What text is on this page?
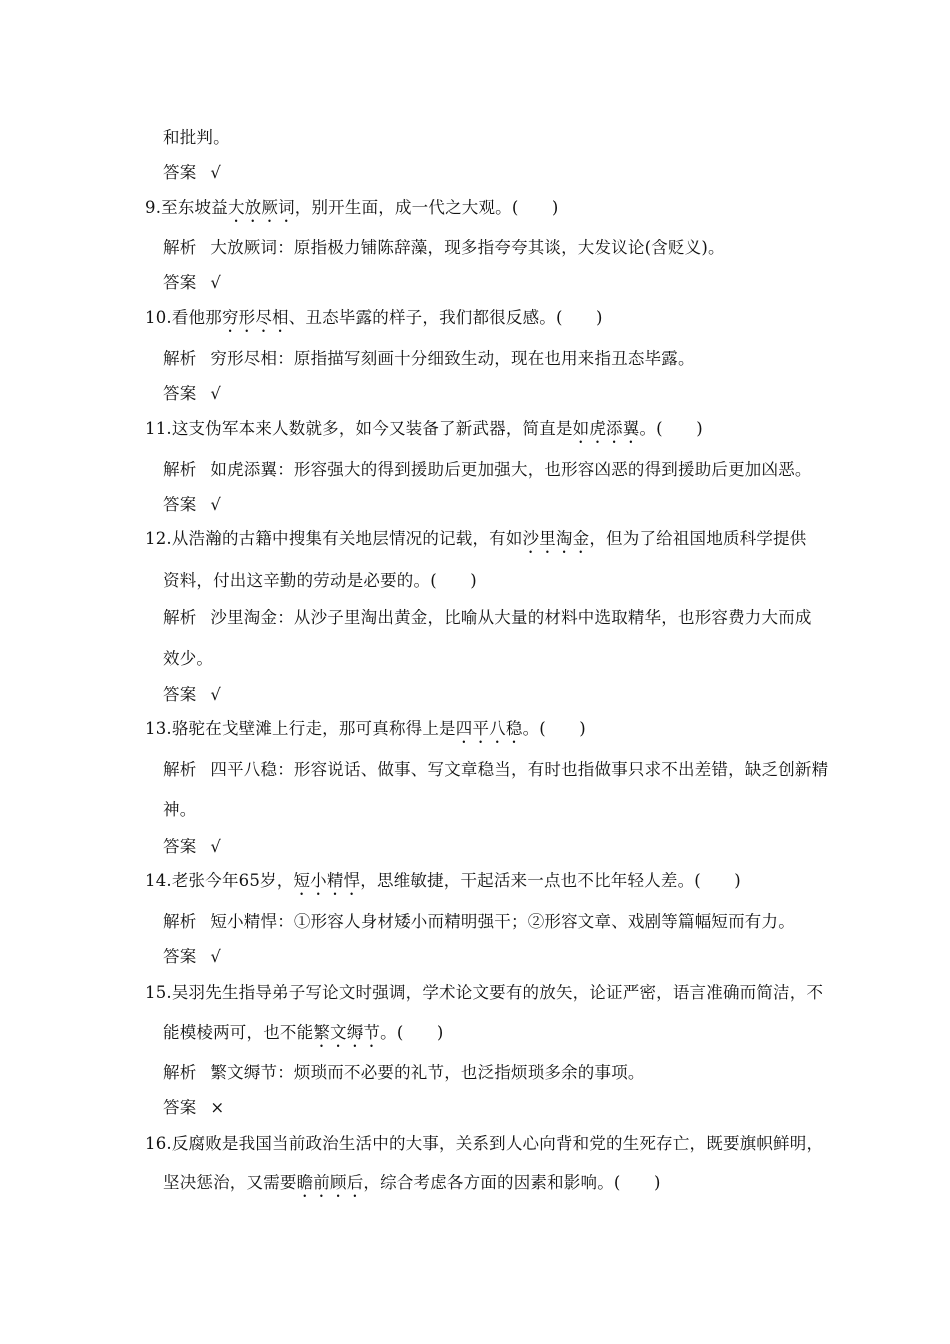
和批判。
答案 √
9.至东坡益大放厥词，别开生面，成一代之大观。(　　)
解析 大放厥词：原指极力铺陈辞藻，现多指夸夸其谈，大发议论(含贬义)。
答案 √
10.看他那穷形尽相、丑态毕露的样子，我们都很反感。(　　)
解析 穷形尽相：原指描写刻画十分细致生动，现在也用来指丑态毕露。
答案 √
11.这支伪军本来人数就多，如今又装备了新武器，简直是如虎添翼。(　　)
解析 如虎添翼：形容强大的得到援助后更加强大，也形容凶恶的得到援助后更加凶恶。
答案 √
12.从浩瀚的古籍中搜集有关地层情况的记载，有如沙里淘金，但为了给祖国地质科学提供
资料，付出这辛勤的劳动是必要的。(　　)
解析 沙里淘金：从沙子里淘出黄金，比喻从大量的材料中选取精华，也形容费力大而成
效少。
答案 √
13.骆驼在戈壁滩上行走，那可真称得上是四平八稳。(　　)
解析 四平八稳：形容说话、做事、写文章稳当，有时也指做事只求不出差错，缺乏创新精
神。
答案 √
14.老张今年65岁，短小精悍，思维敏捷，干起活来一点也不比年轻人差。(　　)
解析 短小精悍：①形容人身材矮小而精明强干；②形容文章、戏剧等篇幅短而有力。
答案 √
15.吴羽先生指导弟子写论文时强调，学术论文要有的放矢，论证严密，语言准确而简洁，不
能模棱两可，也不能繁文缛节。(　　)
解析 繁文缛节：烦琐而不必要的礼节，也泛指烦琐多余的事项。
答案 ×
16.反腐败是我国当前政治生活中的大事，关系到人心向背和党的生死存亡，既要旗帜鲜明，
坚决惩治，又需要瞻前顾后，综合考虑各方面的因素和影响。(　　)
